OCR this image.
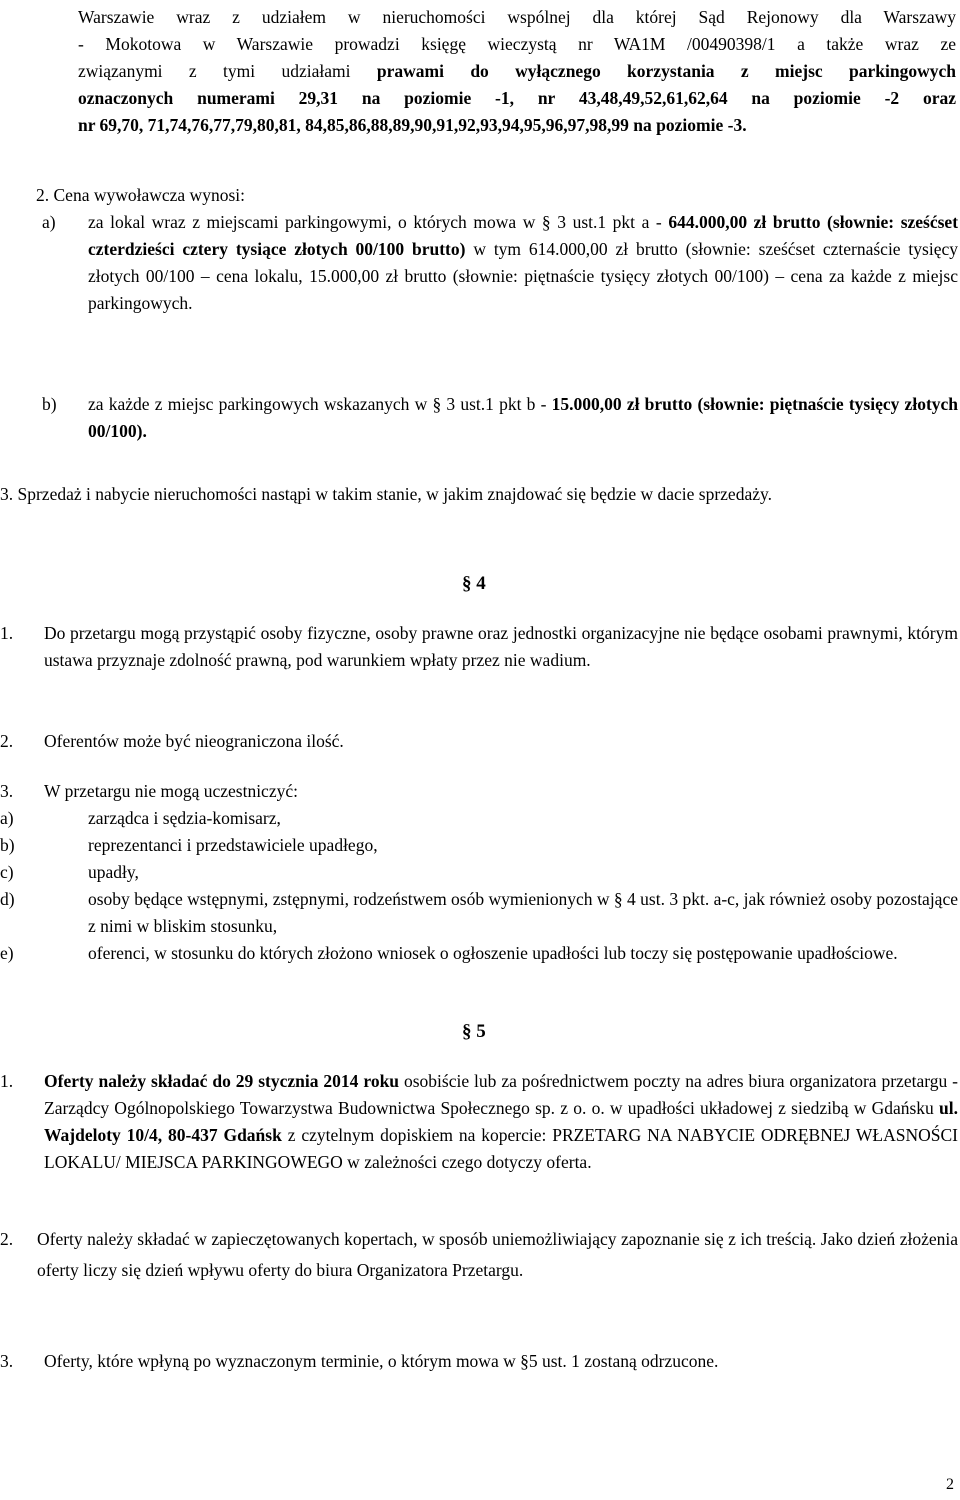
Warszawie wraz z udziałem w nieruchomości wspólnej dla której Sąd Rejonowy dla Warszawy
- Mokotowa w Warszawie prowadzi księgę wieczystą nr WA1M /00490398/1 a także wraz ze
związanymi z tymi udziałami prawami do wyłącznego korzystania z miejsc parkingowych
oznaczonych numerami 29,31 na poziomie -1, nr 43,48,49,52,61,62,64 na poziomie -2 oraz
nr 69,70, 71,74,76,77,79,80,81, 84,85,86,88,89,90,91,92,93,94,95,96,97,98,99 na poziomie -3.
2. Cena wywoławcza wynosi:
a)	za lokal wraz z miejscami parkingowymi, o których mowa w § 3 ust.1 pkt a - 644.000,00 zł brutto (słownie: sześćset czterdzieści cztery tysiące złotych 00/100 brutto) w tym 614.000,00 zł brutto (słownie: sześćset czternaście tysięcy złotych 00/100 – cena lokalu, 15.000,00 zł brutto (słownie: piętnaście tysięcy złotych 00/100) – cena za każde z miejsc parkingowych.
b)	za każde z miejsc parkingowych wskazanych w § 3 ust.1 pkt b - 15.000,00 zł brutto (słownie: piętnaście tysięcy złotych 00/100).
3. Sprzedaż i nabycie nieruchomości nastąpi w takim stanie, w jakim znajdować się będzie w dacie sprzedaży.
§ 4
1.	Do przetargu mogą przystąpić osoby fizyczne, osoby prawne oraz jednostki organizacyjne nie będące osobami prawnymi, którym ustawa przyznaje zdolność prawną, pod warunkiem wpłaty przez nie wadium.
2.	Oferentów może być nieograniczona ilość.
3.	W przetargu nie mogą uczestniczyć:
a)	zarządca i sędzia-komisarz,
b)	reprezentanci i przedstawiciele upadłego,
c)	upadły,
d)	osoby będące wstępnymi, zstępnymi, rodzeństwem osób wymienionych w § 4 ust. 3 pkt. a-c, jak również osoby pozostające z nimi w bliskim stosunku,
e)	oferenci, w stosunku do których złożono wniosek o ogłoszenie upadłości lub toczy się postępowanie upadłościowe.
§ 5
1.	Oferty należy składać do 29 stycznia 2014 roku osobiście lub za pośrednictwem poczty na adres biura organizatora przetargu - Zarządcy Ogólnopolskiego Towarzystwa Budownictwa Społecznego sp. z o. o. w upadłości układowej z siedzibą w Gdańsku ul. Wajdeloty 10/4, 80-437 Gdańsk z czytelnym dopiskiem na kopercie: PRZETARG NA NABYCIE ODRĘBNEJ WŁASNOŚCI LOKALU/ MIEJSCA PARKINGOWEGO w zależności czego dotyczy oferta.
2.	Oferty należy składać w zapieczętowanych kopertach, w sposób uniemożliwiający zapoznanie się z ich treścią. Jako dzień złożenia oferty liczy się dzień wpływu oferty do biura Organizatora Przetargu.
3.	Oferty, które wpłyną po wyznaczonym terminie, o którym mowa w §5 ust. 1 zostaną odrzucone.
2
